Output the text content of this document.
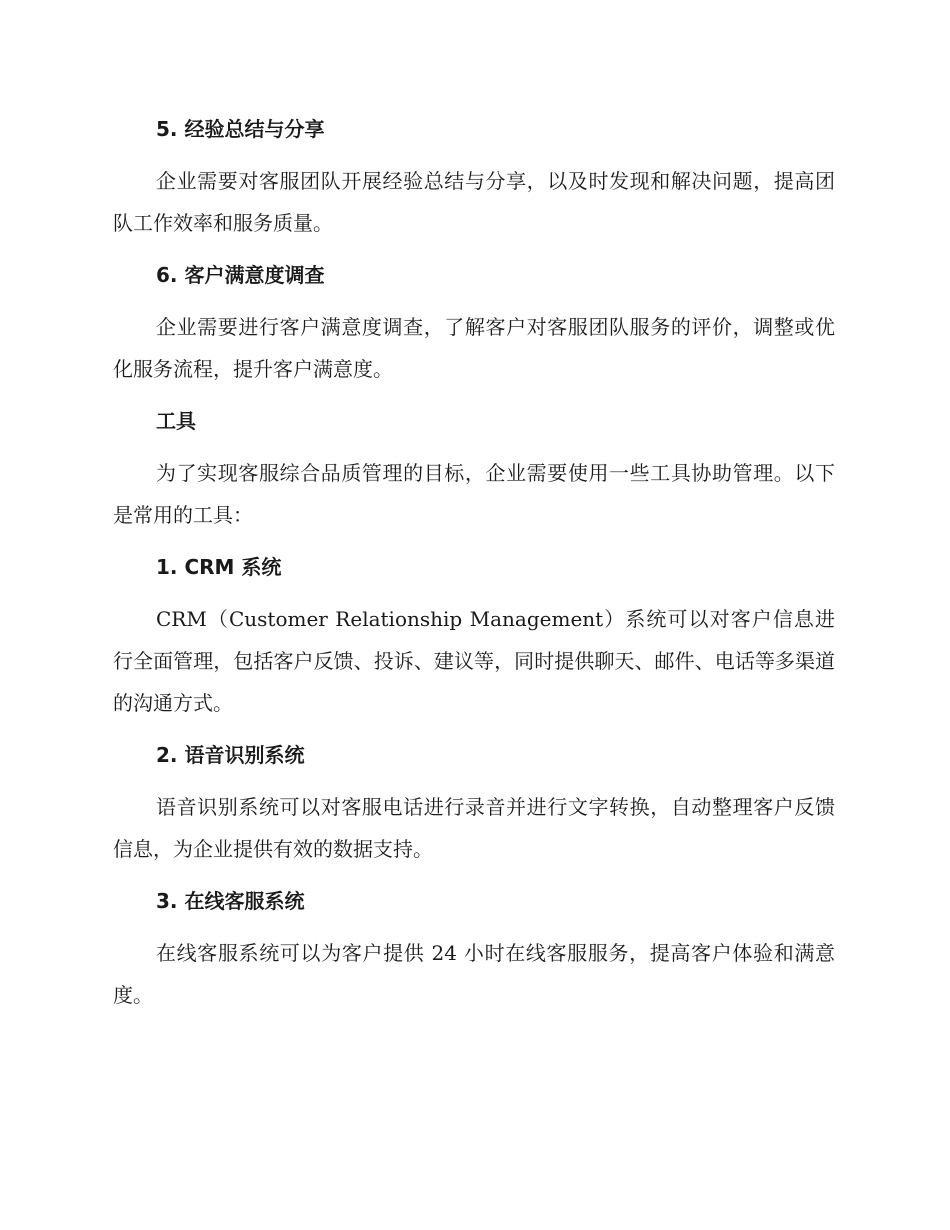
5. 经验总结与分享
企业需要对客服团队开展经验总结与分享，以及时发现和解决问题，提高团队工作效率和服务质量。
6. 客户满意度调查
企业需要进行客户满意度调查，了解客户对客服团队服务的评价，调整或优化服务流程，提升客户满意度。
工具
为了实现客服综合品质管理的目标，企业需要使用一些工具协助管理。以下是常用的工具：
1. CRM 系统
CRM（Customer Relationship Management）系统可以对客户信息进行全面管理，包括客户反馈、投诉、建议等，同时提供聊天、邮件、电话等多渠道的沟通方式。
2. 语音识别系统
语音识别系统可以对客服电话进行录音并进行文字转换，自动整理客户反馈信息，为企业提供有效的数据支持。
3. 在线客服系统
在线客服系统可以为客户提供 24 小时在线客服服务，提高客户体验和满意度。
